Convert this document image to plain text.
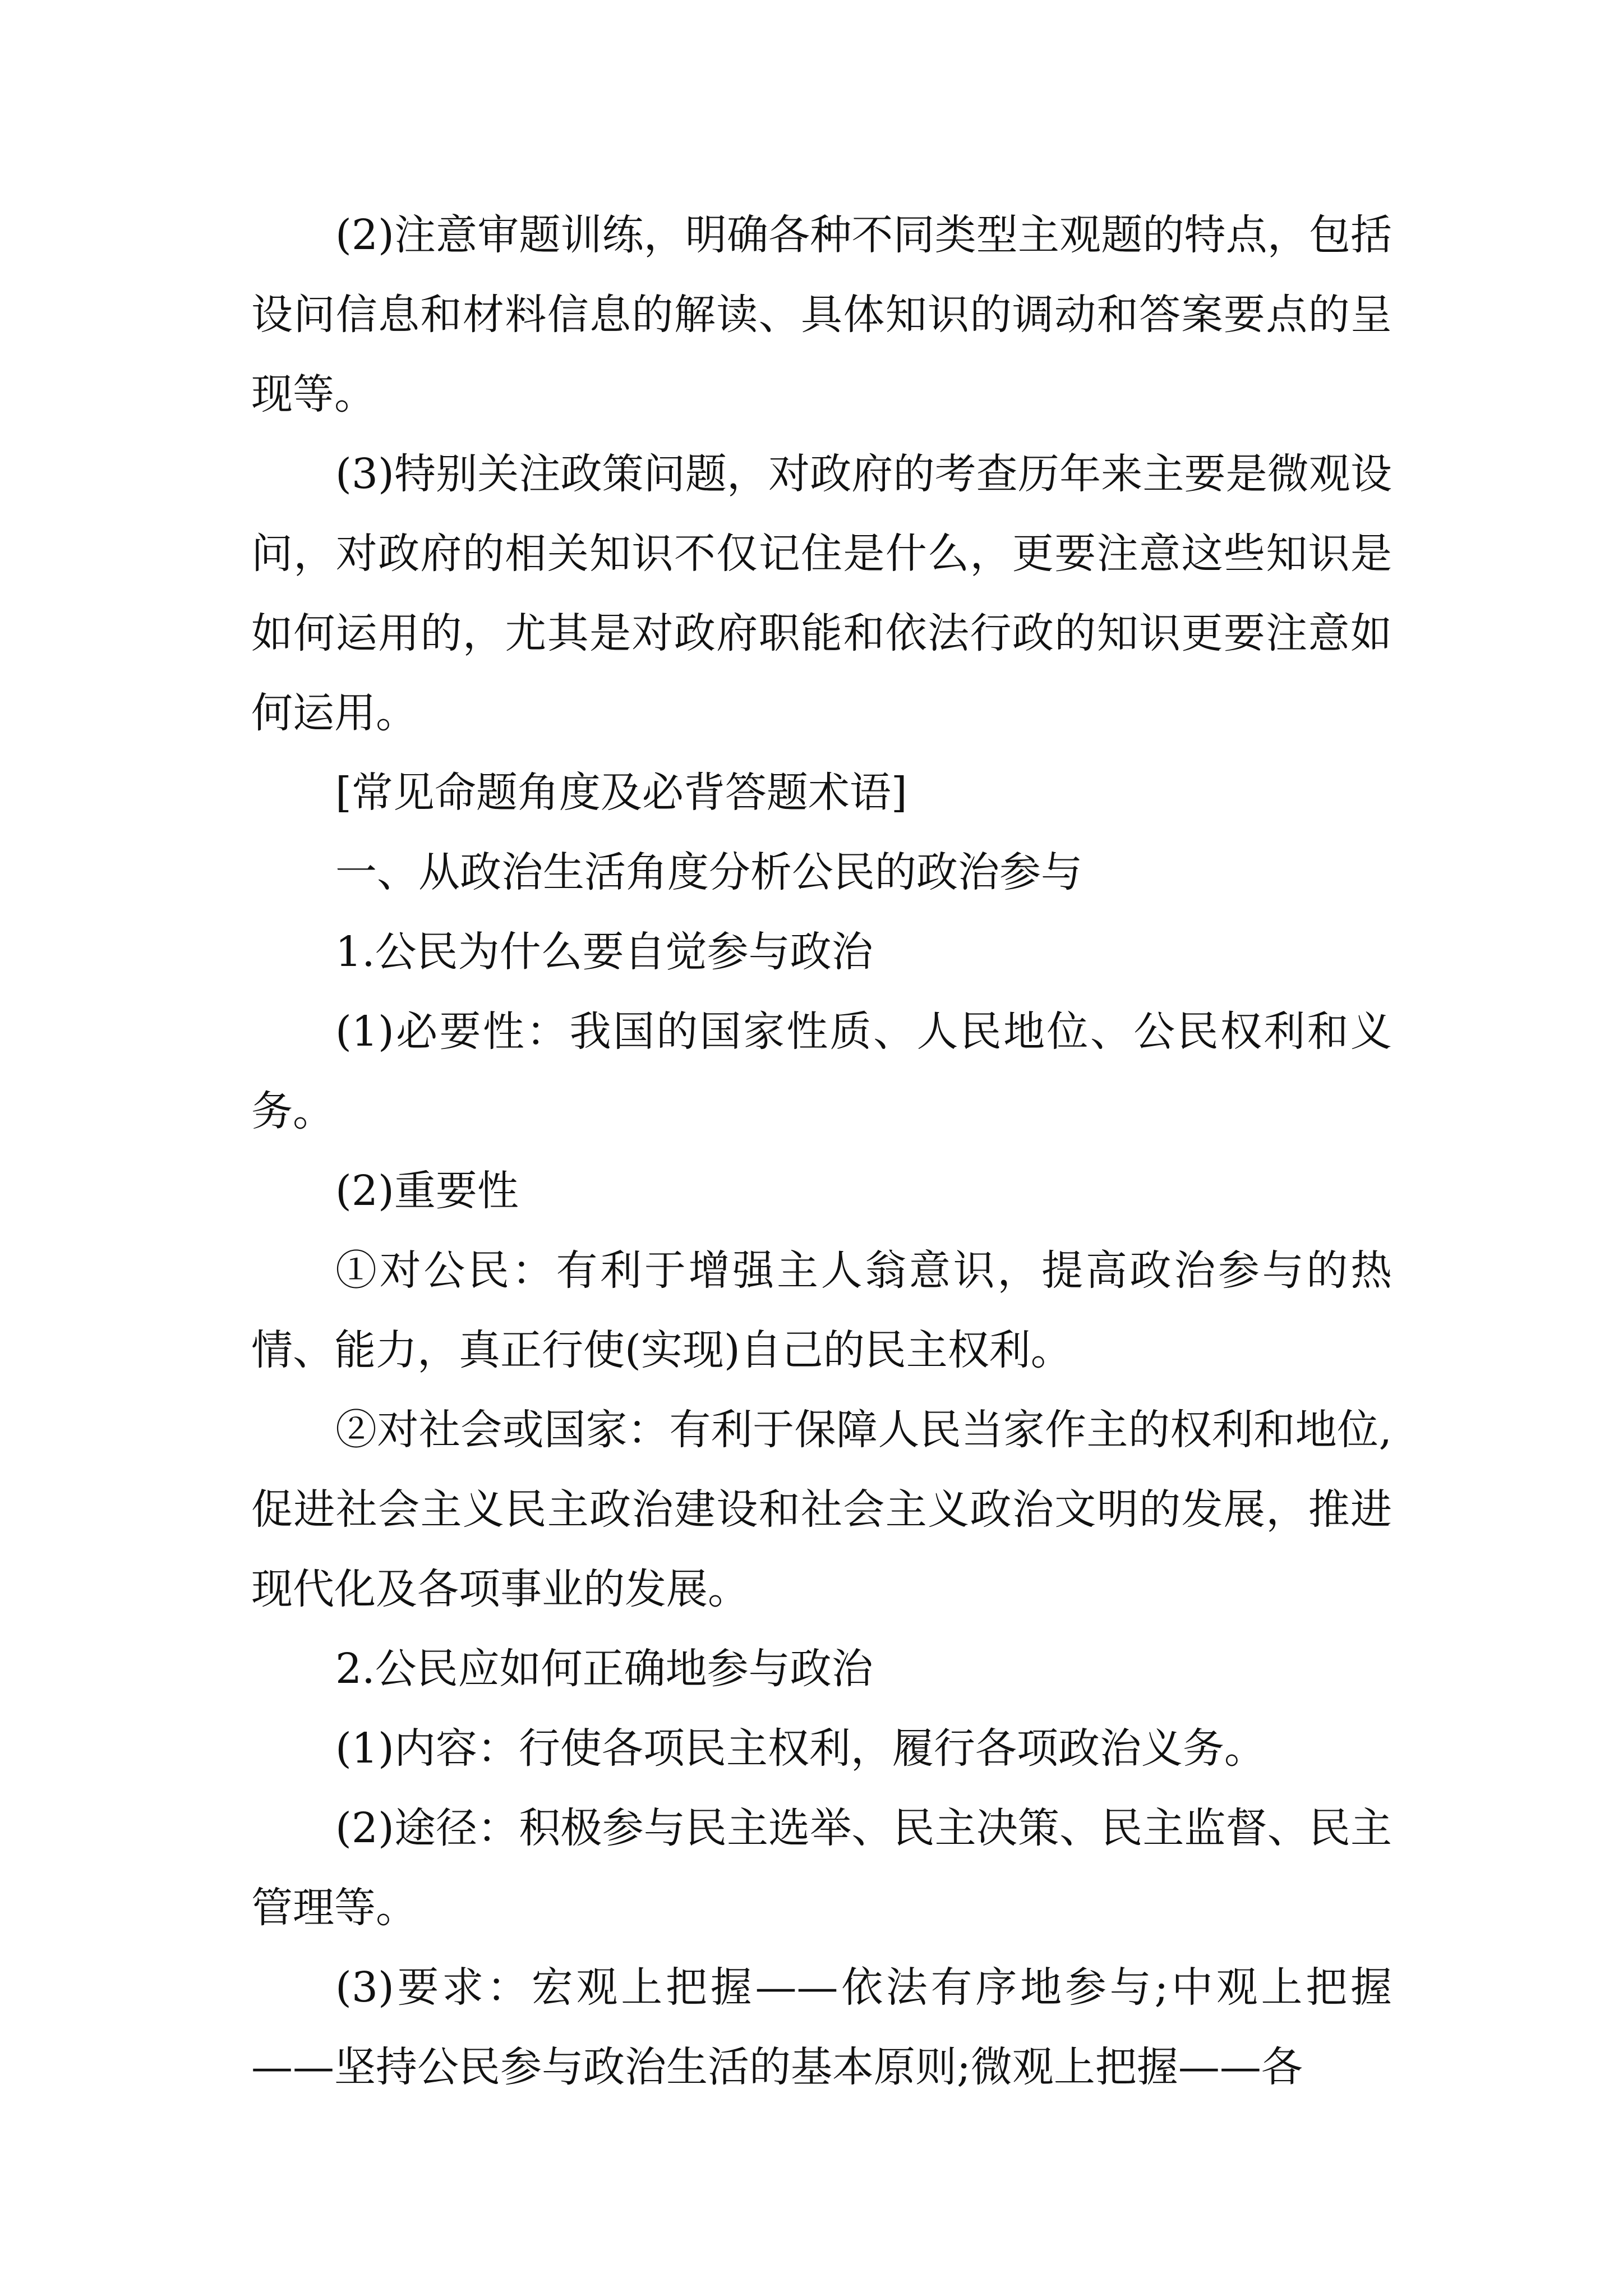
(2)注意审题训练，明确各种不同类型主观题的特点，包括设问信息和材料信息的解读、具体知识的调动和答案要点的呈现等。

(3)特别关注政策问题，对政府的考查历年来主要是微观设问，对政府的相关知识不仅记住是什么，更要注意这些知识是如何运用的，尤其是对政府职能和依法行政的知识更要注意如何运用。

[常见命题角度及必背答题术语]

一、从政治生活角度分析公民的政治参与

1.公民为什么要自觉参与政治

(1)必要性：我国的国家性质、人民地位、公民权利和义务。

(2)重要性

①对公民：有利于增强主人翁意识，提高政治参与的热情、能力，真正行使(实现)自己的民主权利。

②对社会或国家：有利于保障人民当家作主的权利和地位,促进社会主义民主政治建设和社会主义政治文明的发展，推进现代化及各项事业的发展。

2.公民应如何正确地参与政治

(1)内容：行使各项民主权利，履行各项政治义务。

(2)途径：积极参与民主选举、民主决策、民主监督、民主管理等。

(3)要求：宏观上把握——依法有序地参与;中观上把握——坚持公民参与政治生活的基本原则;微观上把握——各
